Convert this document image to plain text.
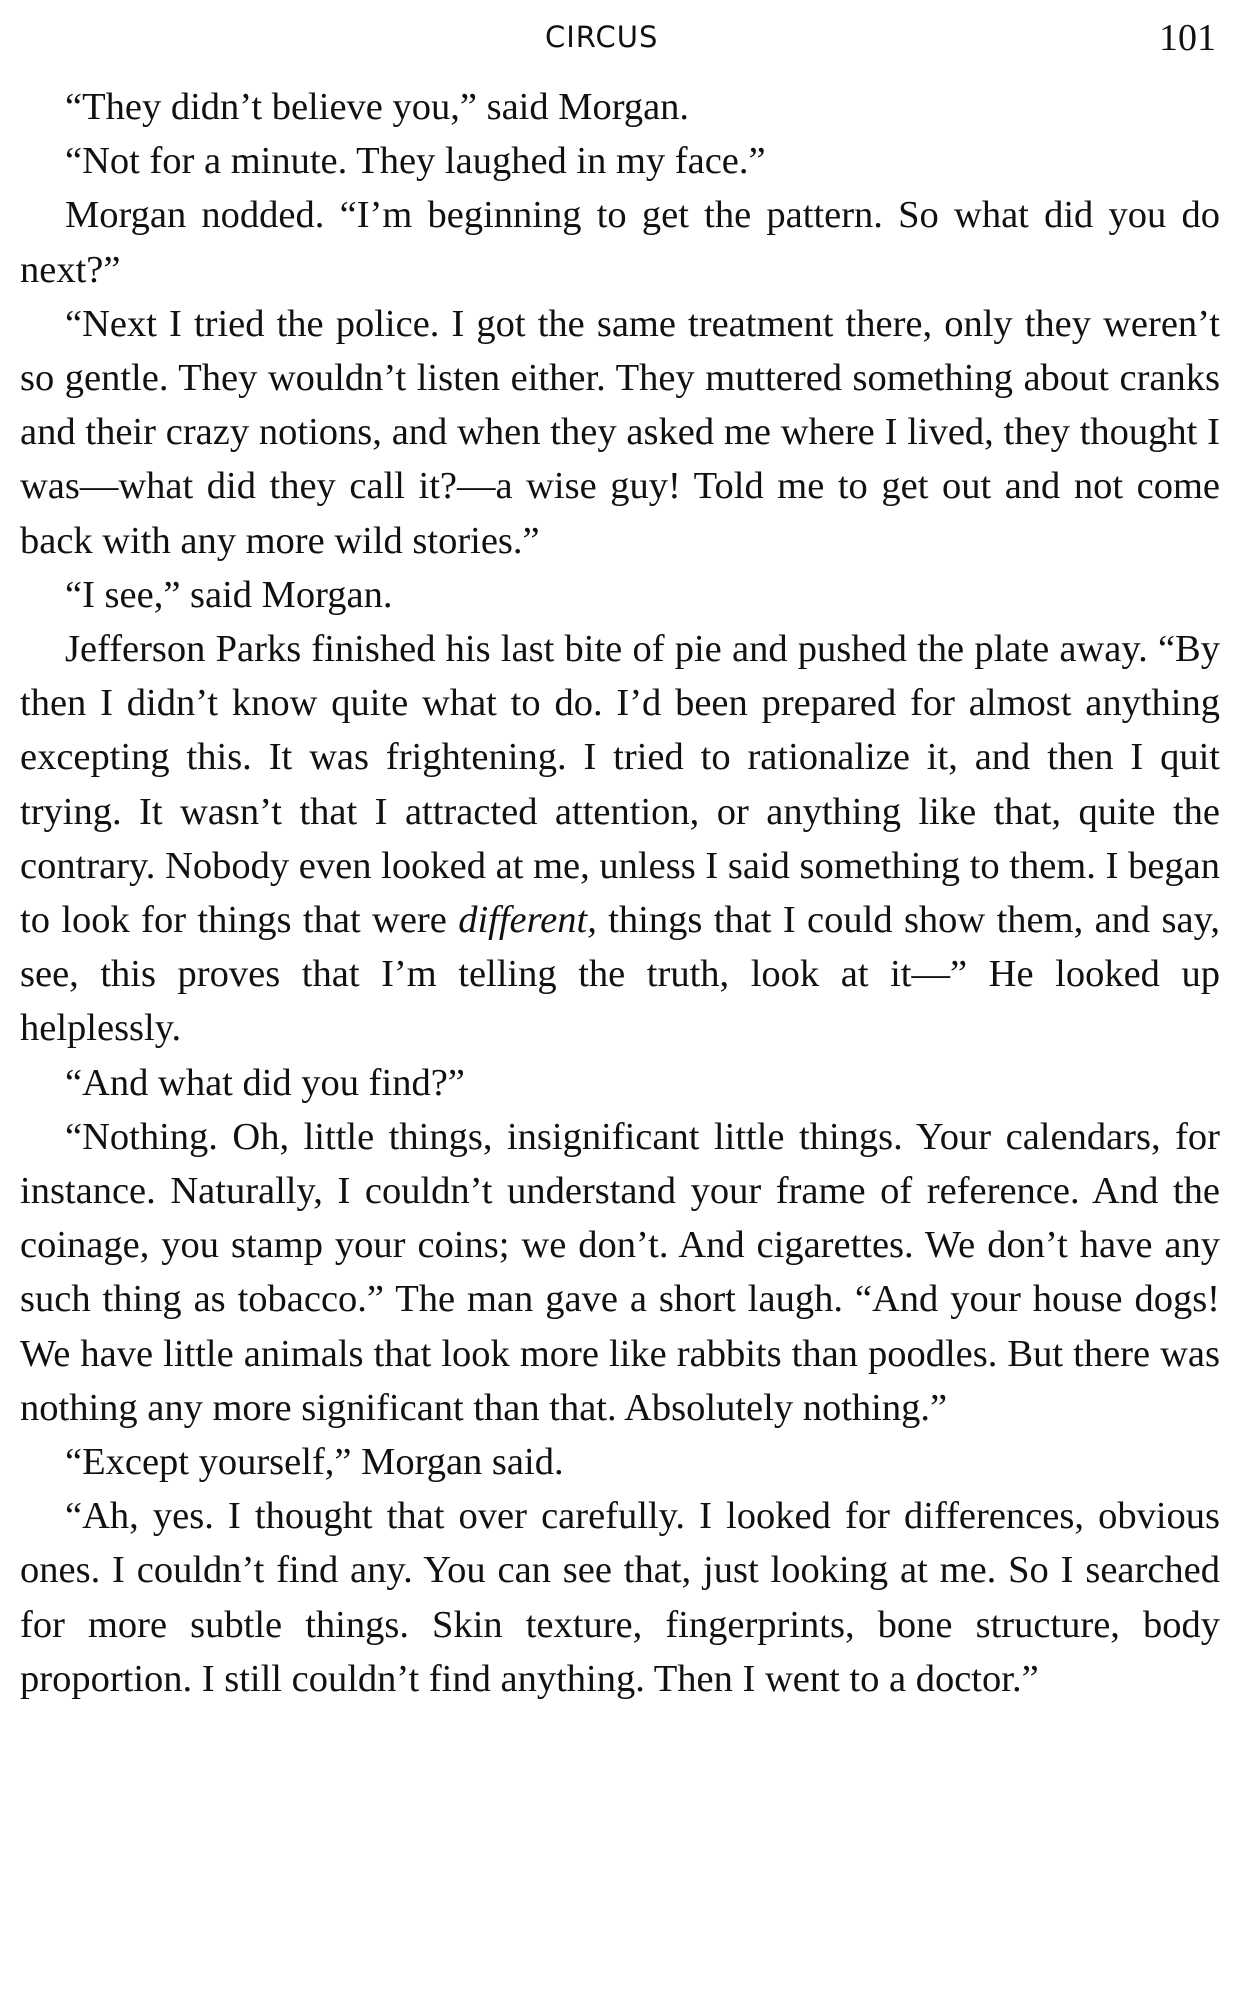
CIRCUS	101

“They didn’t believe you,” said Morgan.

“Not for a minute. They laughed in my face.”

Morgan nodded. “I’m beginning to get the pattern. So what did you do next?”

“Next I tried the police. I got the same treatment there, only they weren’t so gentle. They wouldn’t listen either. They muttered something about cranks and their crazy notions, and when they asked me where I lived, they thought I was—what did they call it?—a wise guy! Told me to get out and not come back with any more wild stories.”

“I see,” said Morgan.

Jefferson Parks finished his last bite of pie and pushed the plate away. “By then I didn’t know quite what to do. I’d been prepared for almost anything excepting this. It was frightening. I tried to rationalize it, and then I quit trying. It wasn’t that I attracted attention, or anything like that, quite the contrary. Nobody even looked at me, unless I said something to them. I began to look for things that were different, things that I could show them, and say, see, this proves that I’m telling the truth, look at it—” He looked up helplessly.

“And what did you find?”

“Nothing. Oh, little things, insignificant little things. Your calendars, for instance. Naturally, I couldn’t understand your frame of reference. And the coinage, you stamp your coins; we don’t. And cigarettes. We don’t have any such thing as tobacco.” The man gave a short laugh. “And your house dogs! We have little animals that look more like rabbits than poodles. But there was nothing any more significant than that. Absolutely nothing.”

“Except yourself,” Morgan said.

“Ah, yes. I thought that over carefully. I looked for differences, obvious ones. I couldn’t find any. You can see that, just looking at me. So I searched for more subtle things. Skin texture, fingerprints, bone structure, body proportion. I still couldn’t find anything. Then I went to a doctor.”
